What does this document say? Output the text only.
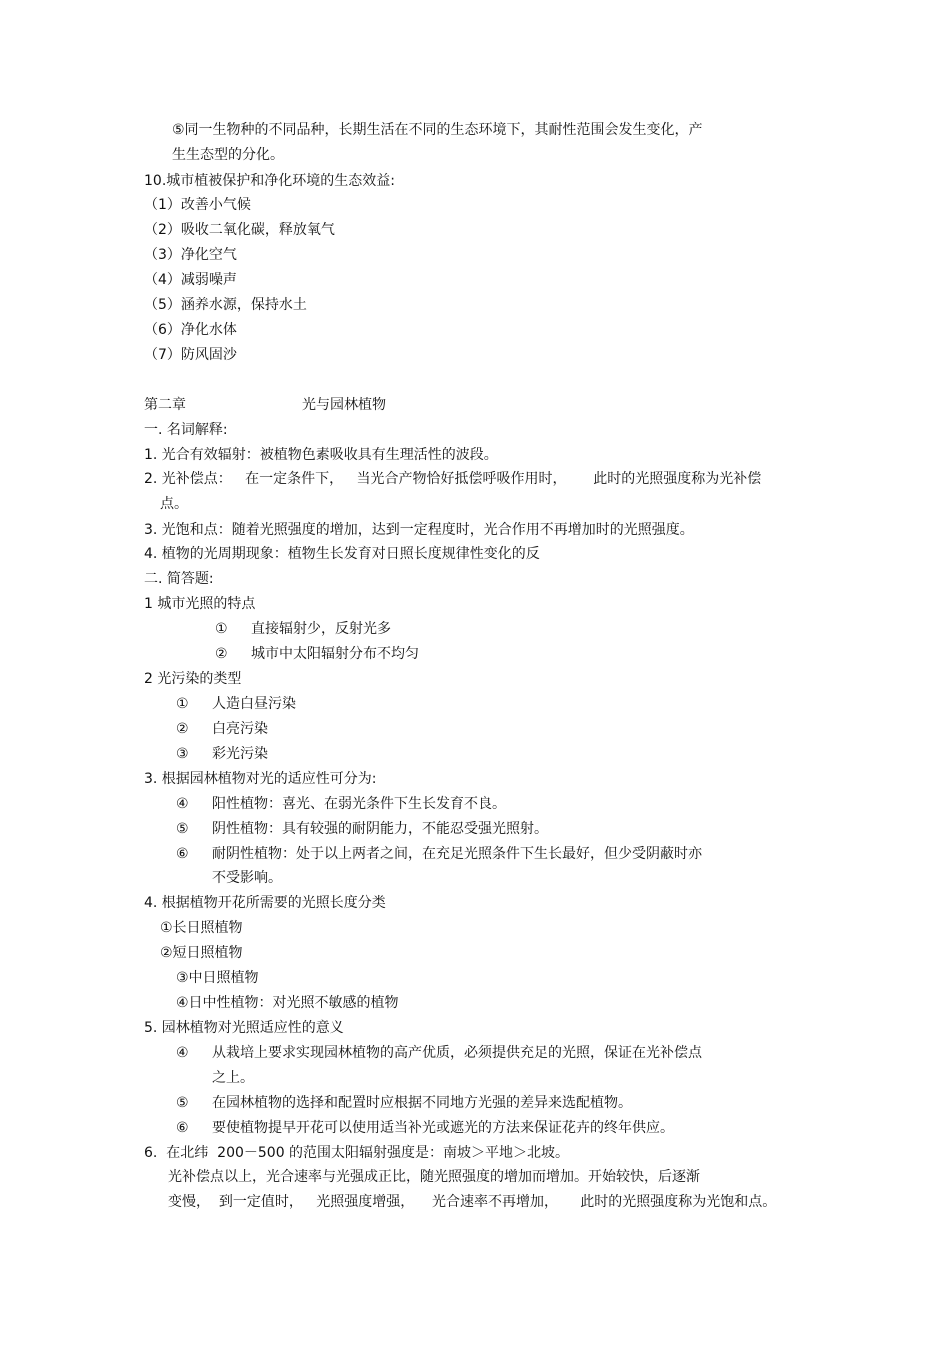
⑤同一生物种的不同品种，长期生活在不同的生态环境下，其耐性范围会发生变化，产
生生态型的分化。
10.城市植被保护和净化环境的生态效益:
（1）改善小气候
（2）吸收二氧化碳，释放氧气
（3）净化空气
（4）减弱噪声
（5）涵养水源，保持水土
（6）净化水体
（7）防风固沙
第二章	光与园林植物
一. 名词解释:
1. 光合有效辐射：被植物色素吸收具有生理活性的波段。
2. 光补偿点：   在一定条件下，   当光合产物恰好抵偿呼吸作用时，      此时的光照强度称为光补偿
点。
3. 光饱和点：随着光照强度的增加，达到一定程度时，光合作用不再增加时的光照强度。
4. 植物的光周期现象：植物生长发育对日照长度规律性变化的反
二. 简答题:
1 城市光照的特点
① 直接辐射少，反射光多
② 城市中太阳辐射分布不均匀
2 光污染的类型
① 人造白昼污染
② 白亮污染
③ 彩光污染
3. 根据园林植物对光的适应性可分为:
④ 阳性植物：喜光、在弱光条件下生长发育不良。
⑤ 阴性植物：具有较强的耐阴能力，不能忍受强光照射。
⑥ 耐阴性植物：处于以上两者之间，在充足光照条件下生长最好，但少受阴蔽时亦
不受影响。
4. 根据植物开花所需要的光照长度分类
①长日照植物
②短日照植物
③中日照植物
④日中性植物：对光照不敏感的植物
5. 园林植物对光照适应性的意义
④ 从栽培上要求实现园林植物的高产优质，必须提供充足的光照，保证在光补偿点
之上。
⑤ 在园林植物的选择和配置时应根据不同地方光强的差异来选配植物。
⑥ 要使植物提早开花可以使用适当补光或遮光的方法来保证花卉的终年供应。
6.  在北纬  200－500 的范围太阳辐射强度是：南坡＞平地＞北坡。
光补偿点以上，光合速率与光强成正比，随光照强度的增加而增加。开始较快，后逐渐
变慢，  到一定值时，   光照强度增强，    光合速率不再增加，     此时的光照强度称为光饱和点。
